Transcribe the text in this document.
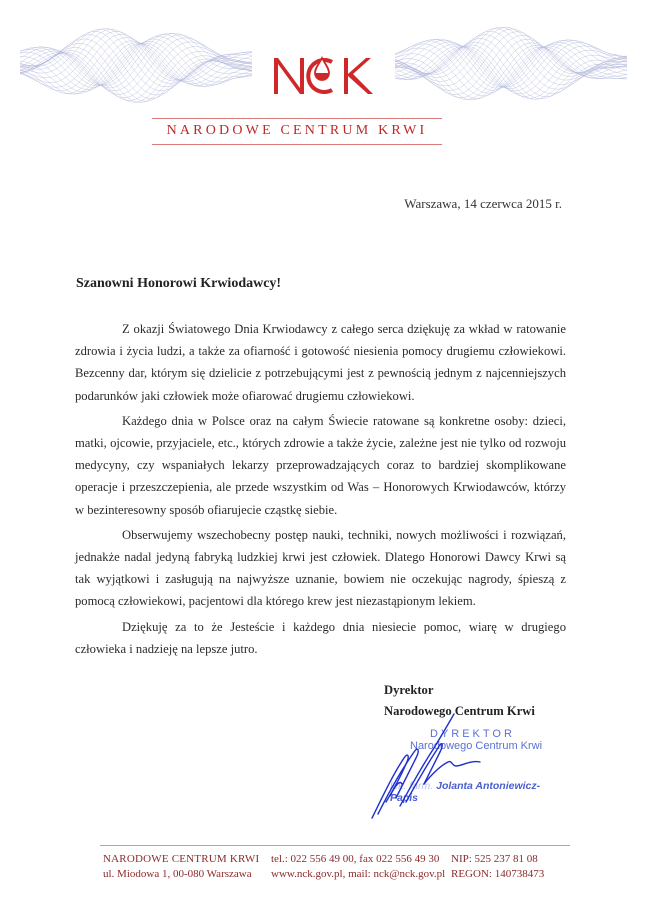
NARODOWE CENTRUM KRWI
Warszawa, 14 czerwca 2015 r.
Szanowni Honorowi Krwiodawcy!

Z okazji Światowego Dnia Krwiodawcy z całego serca dziękuję za wkład w ratowanie zdrowia i życia ludzi, a także za ofiarność i gotowość niesienia pomocy drugiemu człowiekowi. Bezcenny dar, którym się dzielicie z potrzebującymi jest z pewnością jednym z najcenniejszych podarunków jaki człowiek może ofiarować drugiemu człowiekowi.

Każdego dnia w Polsce oraz na całym Świecie ratowane są konkretne osoby: dzieci, matki, ojcowie, przyjaciele, etc., których zdrowie a także życie, zależne jest nie tylko od rozwoju medycyny, czy wspaniałych lekarzy przeprowadzających coraz to bardziej skomplikowane operacje i przeszczepienia, ale przede wszystkim od Was – Honorowych Krwiodawców, którzy w bezinteresowny sposób ofiarujecie cząstkę siebie.

Obserwujemy wszechobecny postęp nauki, techniki, nowych możliwości i rozwiązań, jednakże nadal jedyną fabryką ludzkiej krwi jest człowiek. Dlatego Honorowi Dawcy Krwi są tak wyjątkowi i zasługują na najwyższe uznanie, bowiem nie oczekując nagrody, śpieszą z pomocą człowiekowi, pacjentowi dla którego krew jest niezastąpionym lekiem.

Dziękuję za to że Jesteście i każdego dnia niesiecie pomoc, wiarę w drugiego człowieka i nadzieję na lepsze jutro.

Dyrektor
Narodowego Centrum Krwi
DYREKTOR
Narodowego Centrum Krwi
lek. farm. Jolanta Antoniewicz-Papis
NARODOWE CENTRUM KRWI
ul. Miodowa 1, 00-080 Warszawa
tel.: 022 556 49 00, fax 022 556 49 30
www.nck.gov.pl, mail: nck@nck.gov.pl
NIP: 525 237 81 08
REGON: 140738473
